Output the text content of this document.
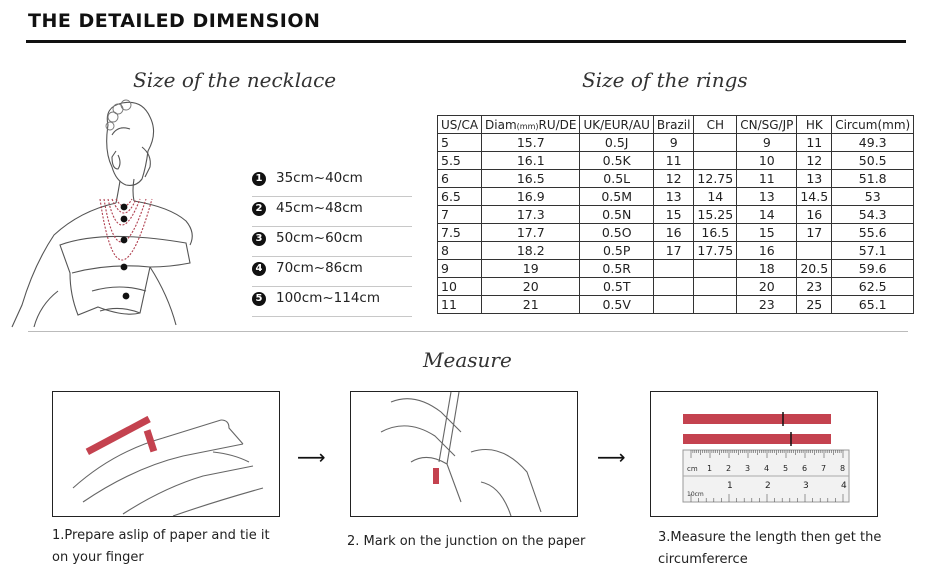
THE DETAILED DIMENSION
Size of the necklace	Size of the rings
1 35cm~40cm
2 45cm~48cm
3 50cm~60cm
4 70cm~86cm
5 100cm~114cm
US/CA	Diam(mm)RU/DE	UK/EUR/AU	Brazil	CH	CN/SG/JP	HK	Circum(mm)
5	15.7	0.5J	9		9	11	49.3
5.5	16.1	0.5K	11		10	12	50.5
6	16.5	0.5L	12	12.75	11	13	51.8
6.5	16.9	0.5M	13	14	13	14.5	53
7	17.3	0.5N	15	15.25	14	16	54.3
7.5	17.7	0.5O	16	16.5	15	17	55.6
8	18.2	0.5P	17	17.75	16		57.1
9	19	0.5R			18	20.5	59.6
10	20	0.5T			20	23	62.5
11	21	0.5V			23	25	65.1
Measure
⟶	⟶	cm
10cm
1 2 3 4 5 6 7 8
1	2	3	4
1.Prepare aslip of paper and tie it
on your finger
2. Mark on the junction on the paper	3.Measure the length then get the
circumfererce
